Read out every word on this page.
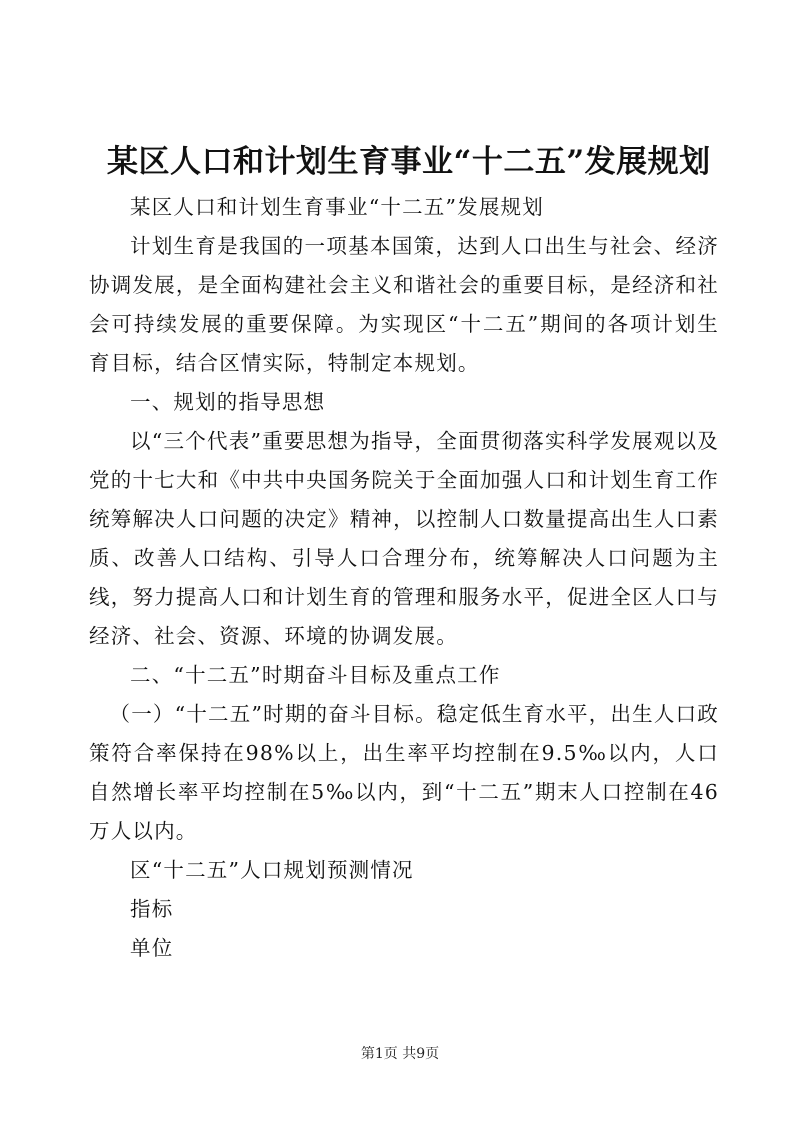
某区人口和计划生育事业“十二五”发展规划

某区人口和计划生育事业“十二五”发展规划

计划生育是我国的一项基本国策，达到人口出生与社会、经济协调发展，是全面构建社会主义和谐社会的重要目标，是经济和社会可持续发展的重要保障。为实现区“十二五”期间的各项计划生育目标，结合区情实际，特制定本规划。

一、规划的指导思想

以“三个代表”重要思想为指导，全面贯彻落实科学发展观以及党的十七大和《中共中央国务院关于全面加强人口和计划生育工作统筹解决人口问题的决定》精神，以控制人口数量提高出生人口素质、改善人口结构、引导人口合理分布，统筹解决人口问题为主线，努力提高人口和计划生育的管理和服务水平，促进全区人口与经济、社会、资源、环境的协调发展。

二、“十二五”时期奋斗目标及重点工作

（一）“十二五”时期的奋斗目标。稳定低生育水平，出生人口政策符合率保持在98%以上，出生率平均控制在9.5‰以内，人口自然增长率平均控制在5‰以内，到“十二五”期末人口控制在46万人以内。

区“十二五”人口规划预测情况

指标

单位

第1页 共9页
